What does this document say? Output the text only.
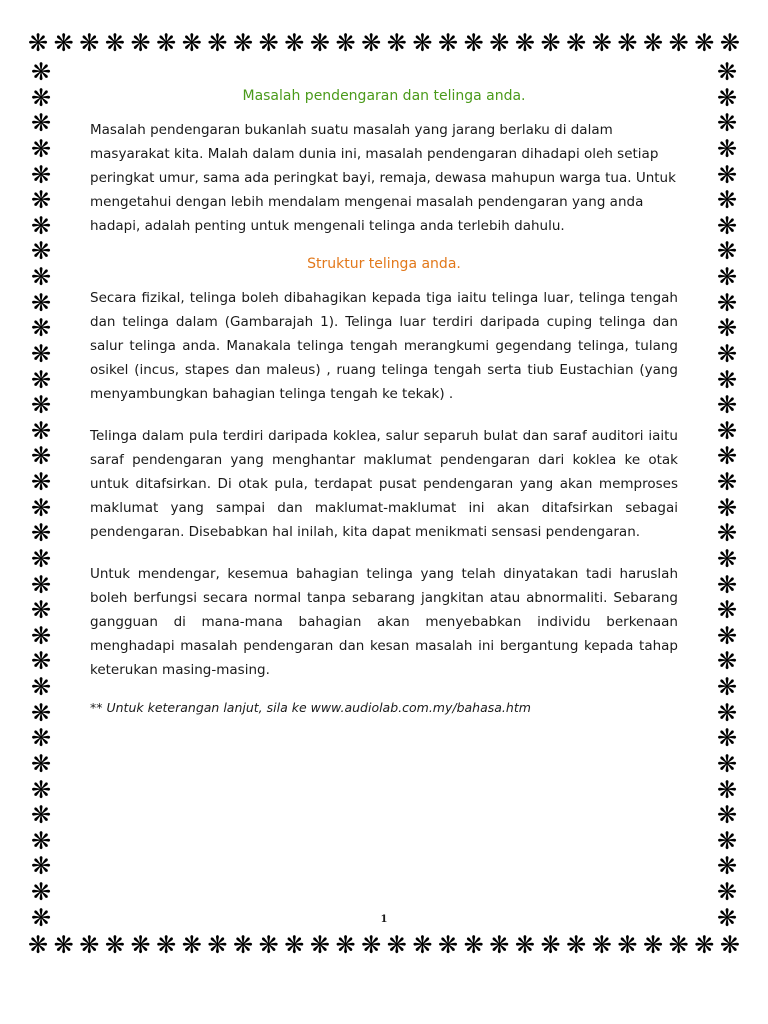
❋ ❋ ❋ ❋ ❋ ❋ ❋ ❋ ❋ ❋ ❋ ❋ ❋ ❋ ❋ ❋ ❋ ❋ ❋ ❋ ❋ ❋ ❋ ❋ ❋ ❋ ❋ ❋
❋ ❋ ❋ ❋ ❋ ❋ ❋ ❋ ❋ ❋ ❋ ❋ ❋ ❋ ❋ ❋ ❋ ❋ ❋ ❋ ❋ ❋ ❋ ❋ ❋ ❋ ❋ ❋
❋
❋
❋
❋
❋
❋
❋
❋
❋
❋
❋
❋
❋
❋
❋
❋
❋
❋
❋
❋
❋
❋
❋
❋
❋
❋
❋
❋
❋
❋
❋
❋
❋
❋
❋
❋
❋
❋
❋
❋
❋
❋
❋
❋
❋
❋
❋
❋
❋
❋
❋
❋
❋
❋
❋
❋
❋
❋
❋
❋
❋
❋
❋
❋
❋
❋
❋
❋
Masalah pendengaran dan telinga anda.

Masalah pendengaran bukanlah suatu masalah yang jarang berlaku di dalam masyarakat kita. Malah dalam dunia ini, masalah pendengaran dihadapi oleh setiap peringkat umur, sama ada peringkat bayi, remaja, dewasa mahupun warga tua. Untuk mengetahui dengan lebih mendalam mengenai masalah pendengaran yang anda hadapi, adalah penting untuk mengenali telinga anda terlebih dahulu.

Struktur telinga anda.

Secara fizikal, telinga boleh dibahagikan kepada tiga iaitu telinga luar, telinga tengah dan telinga dalam (Gambarajah 1). Telinga luar terdiri daripada cuping telinga dan salur telinga anda. Manakala telinga tengah merangkumi gegendang telinga, tulang osikel (incus, stapes dan maleus) , ruang telinga tengah serta tiub Eustachian (yang menyambungkan bahagian telinga tengah ke tekak) .

Telinga dalam pula terdiri daripada koklea, salur separuh bulat dan saraf auditori iaitu saraf pendengaran yang menghantar maklumat pendengaran dari koklea ke otak untuk ditafsirkan. Di otak pula, terdapat pusat pendengaran yang akan memproses maklumat yang sampai dan maklumat-maklumat ini akan ditafsirkan sebagai pendengaran. Disebabkan hal inilah, kita dapat menikmati sensasi pendengaran.

Untuk mendengar, kesemua bahagian telinga yang telah dinyatakan tadi haruslah boleh berfungsi secara normal tanpa sebarang jangkitan atau abnormaliti. Sebarang gangguan di mana-mana bahagian akan menyebabkan individu berkenaan menghadapi masalah pendengaran dan kesan masalah ini bergantung kepada tahap keterukan masing-masing.

** Untuk keterangan lanjut, sila ke www.audiolab.com.my/bahasa.htm
1
